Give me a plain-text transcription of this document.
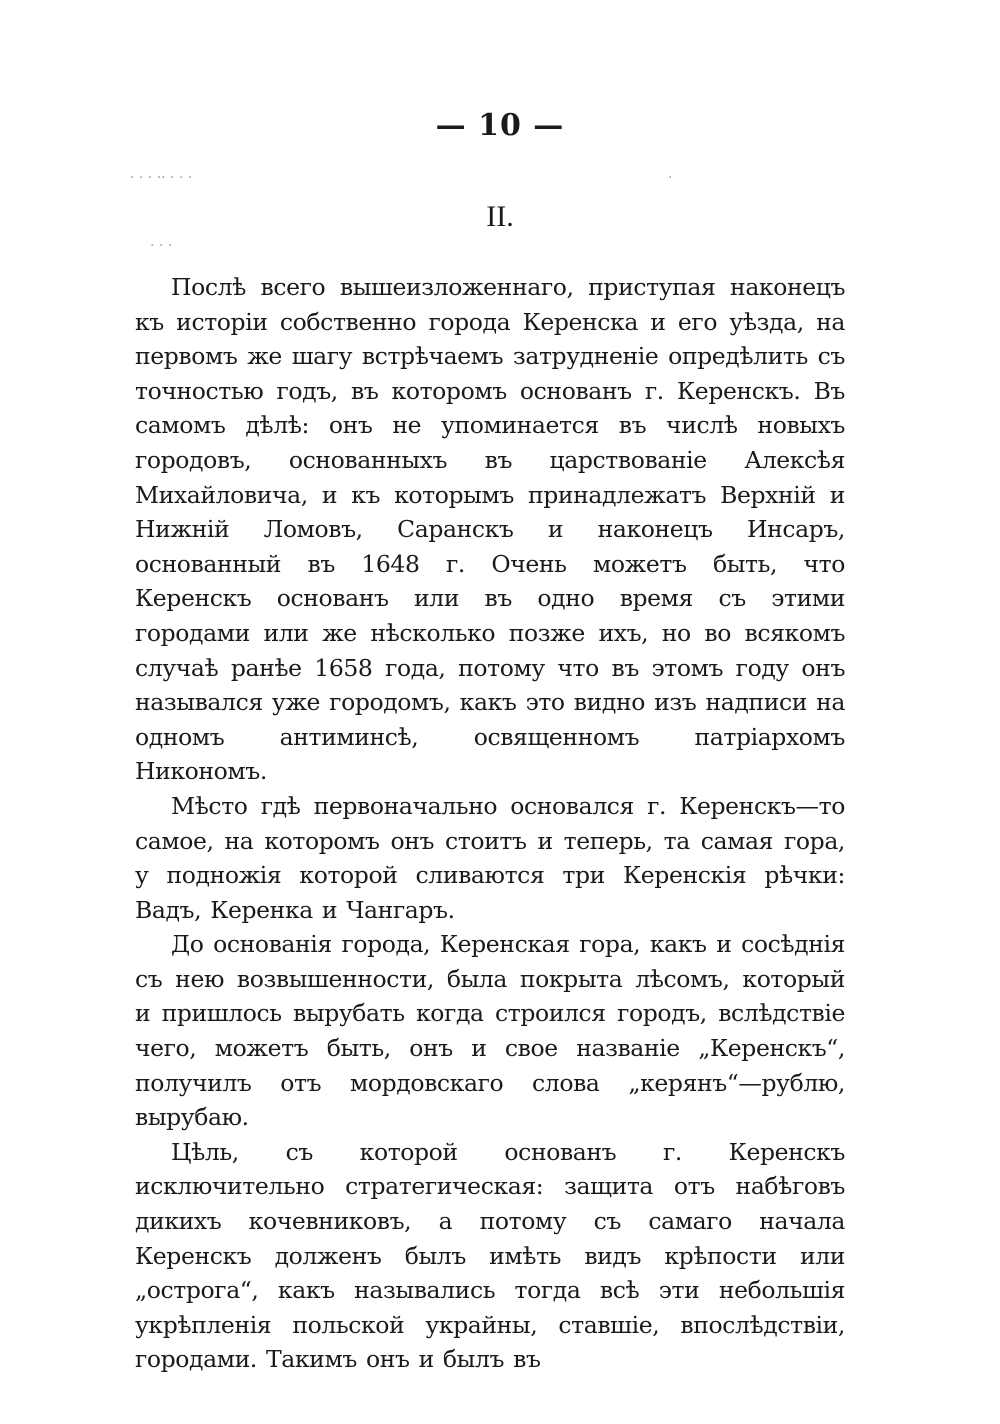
— 10 —
II.
· · · ·· · · ·
· · ·
·

Послѣ всего вышеизложеннаго, приступая наконецъ къ исторіи собственно города Керенска и его уѣзда, на первомъ же шагу встрѣчаемъ затрудненіе опредѣлить съ точностью годъ, въ которомъ основанъ г. Керенскъ. Въ самомъ дѣлѣ: онъ не упоминается въ числѣ новыхъ городовъ, основанныхъ въ царствованіе Алексѣя Михайловича, и къ которымъ принадлежатъ Верхній и Нижній Ломовъ, Саранскъ и наконецъ Инсаръ, основанный въ 1648 г. Очень можетъ быть, что Керенскъ основанъ или въ одно время съ этими городами или же нѣсколько позже ихъ, но во всякомъ случаѣ ранѣе 1658 года, потому что въ этомъ году онъ назывался уже городомъ, какъ это видно изъ надписи на одномъ антиминсѣ, освященномъ патріархомъ Никономъ.

Мѣсто гдѣ первоначально основался г. Керенскъ—то самое, на которомъ онъ стоитъ и теперь, та самая гора, у подножія которой сливаются три Керенскія рѣчки: Вадъ, Керенка и Чангаръ.

До основанія города, Керенская гора, какъ и сосѣднія съ нею возвышенности, была покрыта лѣсомъ, который и пришлось вырубать когда строился городъ, вслѣдствіе чего, можетъ быть, онъ и свое названіе „Керенскъ“, получилъ отъ мордовскаго слова „керянъ“—рублю, вырубаю.

Цѣль, съ которой основанъ г. Керенскъ исключительно стратегическая: защита отъ набѣговъ дикихъ кочевниковъ, а потому съ самаго начала Керенскъ долженъ былъ имѣть видъ крѣпости или „острога“, какъ назывались тогда всѣ эти небольшія укрѣпленія польской украйны, ставшіе, впослѣдствіи, городами. Такимъ онъ и былъ въ
